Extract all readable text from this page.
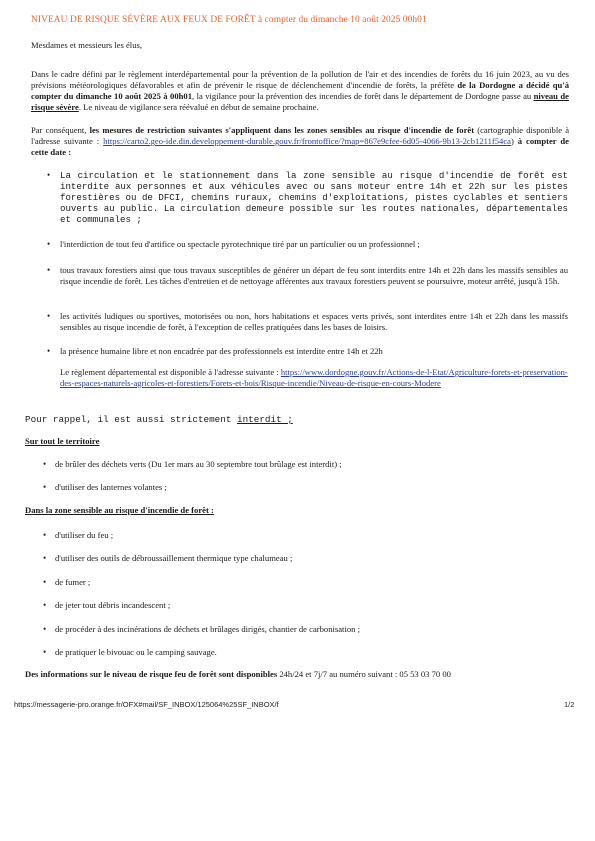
NIVEAU DE RISQUE SÉVÈRE AUX FEUX DE FORÊT à compter du dimanche 10 août 2025 00h01
Mesdames et messieurs les élus,

Dans le cadre défini par le règlement interdépartemental pour la prévention de la pollution de l'air et des incendies de forêts du 16 juin 2023, au vu des prévisions météorologiques défavorables et afin de prévenir le risque de déclenchement d'incendie de forêts, la préfète de la Dordogne a décidé qu'à compter du dimanche 10 août 2025 à 00h01, la vigilance pour la prévention des incendies de forêt dans le département de Dordogne passe au niveau de risque sévère. Le niveau de vigilance sera réévalué en début de semaine prochaine.

Par conséquent, les mesures de restriction suivantes s'appliquent dans les zones sensibles au risque d'incendie de forêt (cartographie disponible à l'adresse suivante : https://carto2.geo-ide.din.developpement-durable.gouv.fr/frontoffice/?map=867e9cfee-6d05-4066-9b13-2cb1211f54ca) à compter de cette date :

• La circulation et le stationnement dans la zone sensible au risque d'incendie de forêt est interdite aux personnes et aux véhicules avec ou sans moteur entre 14h et 22h sur les pistes forestières ou de DFCI, chemins ruraux, chemins d'exploitations, pistes cyclables et sentiers ouverts au public. La circulation demeure possible sur les routes nationales, départementales et communales ;

• l'interdiction de tout feu d'artifice ou spectacle pyrotechnique tiré par un particulier ou un professionnel ;

• tous travaux forestiers ainsi que tous travaux susceptibles de générer un départ de feu sont interdits entre 14h et 22h dans les massifs sensibles au risque incendie de forêt. Les tâches d'entretien et de nettoyage afférentes aux travaux forestiers peuvent se poursuivre, moteur arrêté, jusqu'à 15h.

• les activités ludiques ou sportives, motorisées ou non, hors habitations et espaces verts privés, sont interdites entre 14h et 22h dans les massifs sensibles au risque incendie de forêt, à l'exception de celles pratiquées dans les bases de loisirs.

• la présence humaine libre et non encadrée par des professionnels est interdite entre 14h et 22h

Le règlement départemental est disponible à l'adresse suivante : https://www.dordogne.gouv.fr/Actions-de-l-Etat/Agriculture-forets-et-preservation-des-espaces-naturels-agricoles-et-forestiers/Forets-et-bois/Risque-incendie/Niveau-de-risque-en-cours-Modere

Pour rappel, il est aussi strictement interdit ;
Sur tout le territoire
• de brûler des déchets verts (Du 1er mars au 30 septembre tout brûlage est interdit) ;
• d'utiliser des lanternes volantes ;
Dans la zone sensible au risque d'incendie de forêt :
• d'utiliser du feu ;
• d'utiliser des outils de débroussaillement thermique type chalumeau ;
• de fumer ;
• de jeter tout débris incandescent ;
• de procéder à des incinérations de déchets et brûlages dirigés, chantier de carbonisation ;
• de pratiquer le bivouac ou le camping sauvage.
Des informations sur le niveau de risque feu de forêt sont disponibles 24h/24 et 7j/7 au numéro suivant : 05 53 03 70 00
https://messagerie-pro.orange.fr/OFX#mail/SF_INBOX/125064%25SF_INBOX/f	1/2
